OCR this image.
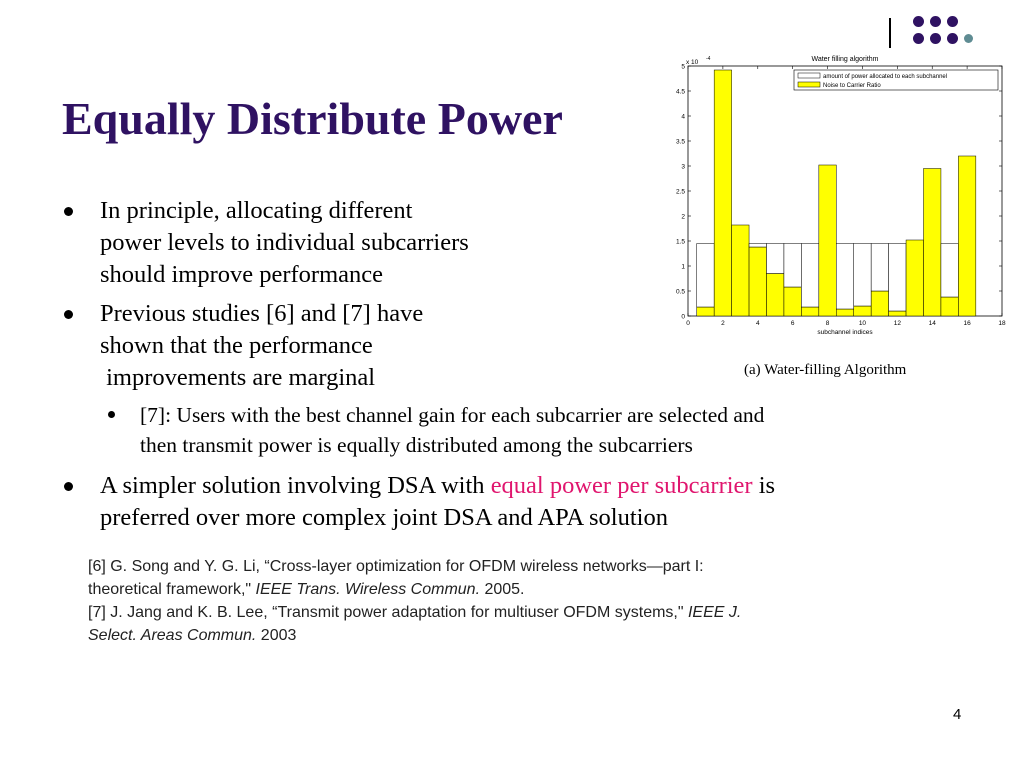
Equally Distribute Power
In principle, allocating different
power levels to individual subcarriers
should improve performance
Previous studies [6] and [7] have
shown that the performance
improvements are marginal
[7]: Users with the best channel gain for each subcarrier are selected and
then transmit power is equally distributed among the subcarriers
A simpler solution involving DSA with equal power per subcarrier is
preferred over more complex joint DSA and APA solution
[6] G. Song and Y. G. Li, “Cross-layer optimization for OFDM wireless networks—part I:
theoretical framework," IEEE Trans. Wireless Commun. 2005.
[7] J. Jang and K. B. Lee, “Transmit power adaptation for multiuser OFDM systems," IEEE J.
Select. Areas Commun. 2003
Water filling algorithm
x 10 -4
0
0.5
1
1.5
2
2.5
3
3.5
4
4.5
5
0	2	4	6	8	10	12	14	16	18
subchannel indices
amount of power allocated to each subchannel
Noise to Carrier Ratio
(a) Water-filling Algorithm
4
